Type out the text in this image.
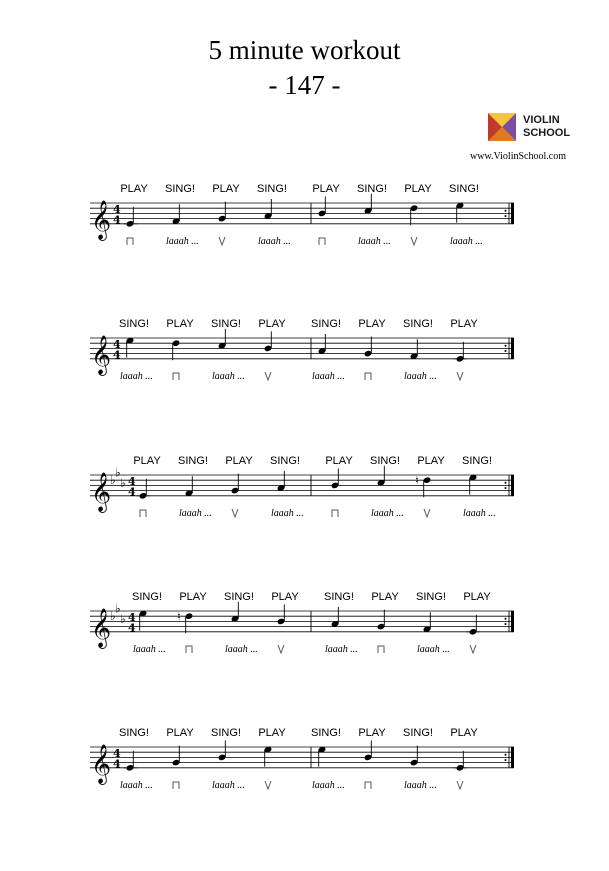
5 minute workout
- 147 -
VIOLIN
SCHOOL
www.ViolinSchool.com
𝄞 4
4
PLAY SING! PLAY SING! PLAY SING! PLAY SING!
laaah ...	laaah ...	laaah ...	laaah ...
𝄞 4
4
SING! PLAY SING! PLAY SING! PLAY SING! PLAY
laaah ...	laaah ...	laaah ...	laaah ...
𝄞
♭
♭
♭ 4
4
PLAY SING! PLAY SING! PLAY SING! PLAY SING!
♮
laaah ...	laaah ...	laaah ...	laaah ...
𝄞
♭
♭
♭ 4
4
SING! PLAY SING! PLAY SING! PLAY SING! PLAY
♮
laaah ...	laaah ...	laaah ...	laaah ...
𝄞 4
4
SING! PLAY SING! PLAY SING! PLAY SING! PLAY
laaah ...	laaah ...	laaah ...	laaah ...
